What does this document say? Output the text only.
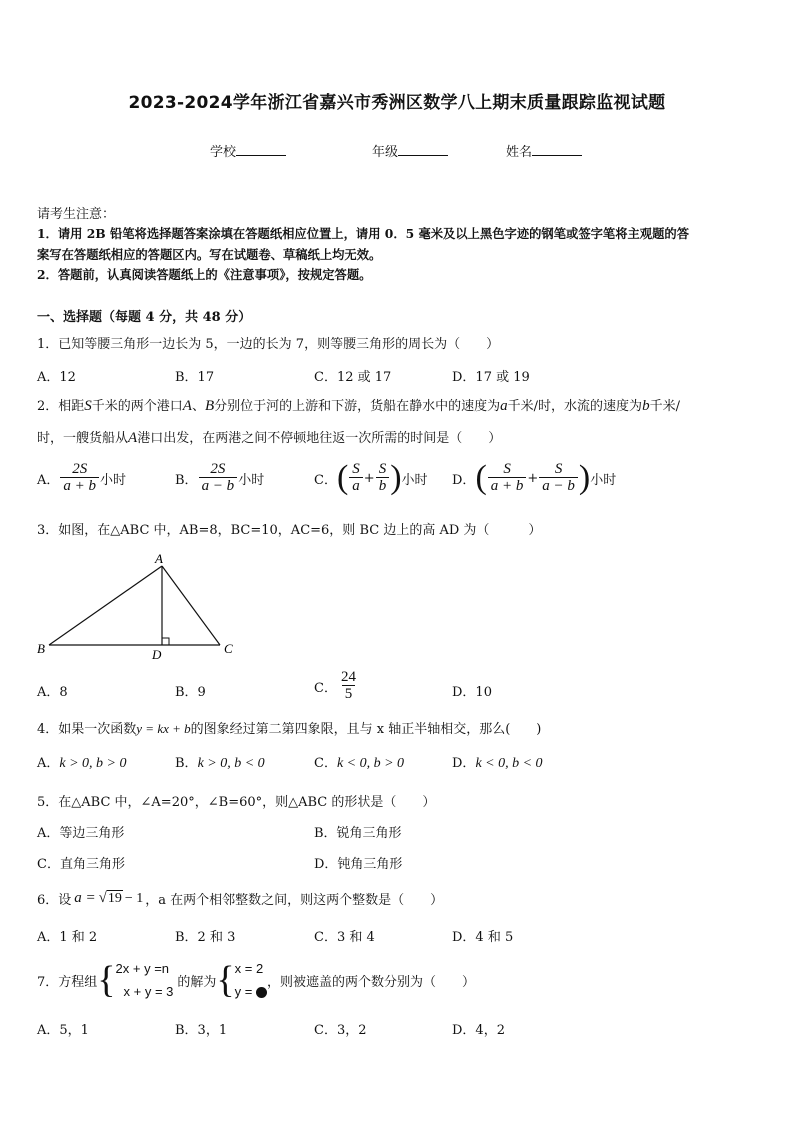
2023-2024学年浙江省嘉兴市秀洲区数学八上期末质量跟踪监视试题
学校	年级	姓名
请考生注意：
1．请用 2B 铅笔将选择题答案涂填在答题纸相应位置上，请用 0．5 毫米及以上黑色字迹的钢笔或签字笔将主观题的答
案写在答题纸相应的答题区内。写在试题卷、草稿纸上均无效。
2．答题前，认真阅读答题纸上的《注意事项》，按规定答题。
一、选择题（每题 4 分，共 48 分）
1．已知等腰三角形一边长为 5，一边的长为 7，则等腰三角形的周长为（　　）
A．12	B．17	C．12 或 17	D．17 或 19
2．相距S千米的两个港口A、B分别位于河的上游和下游，货船在静水中的速度为a千米/时，水流的速度为b千米/
时，一艘货船从A港口出发，在两港之间不停顿地往返一次所需的时间是（　　）
A． $\frac{2S}{a + b}$ 小时	B． $\frac{2S}{a - b}$ 小时	C． ( $\frac{S}{a} + \frac{S}{b}$ ) 小时 D． ( $\frac{S}{a + b} + \frac{S}{a - b}$ ) 小时
3．如图，在△ABC 中，AB=8，BC=10，AC=6，则 BC 边上的高 AD 为（　　　）
A
B	C
D
A．8	B．9	C． $\frac{24}{5}$	D．10
4．如果一次函数y = kx + b的图象经过第二第四象限，且与 x 轴正半轴相交，那么(　　)
A．k > 0, b > 0	B．k > 0, b < 0	C．k < 0, b > 0	D．k < 0, b < 0
5．在△ABC 中，∠A=20°，∠B=60°，则△ABC 的形状是（　　）
A．等边三角形	B．锐角三角形
C．直角三角形	D．钝角三角形
6．设 a = √ 19 − 1 ，a 在两个相邻整数之间，则这两个整数是（　　）
A．1 和 2	B．2 和 3	C．3 和 4	D．4 和 5
7．方程组 { 2x + y =n
x + y = 3
的解为 { x = 2
y =
，则被遮盖的两个数分别为（　　）
A．5，1	B．3，1	C．3，2	D．4，2
